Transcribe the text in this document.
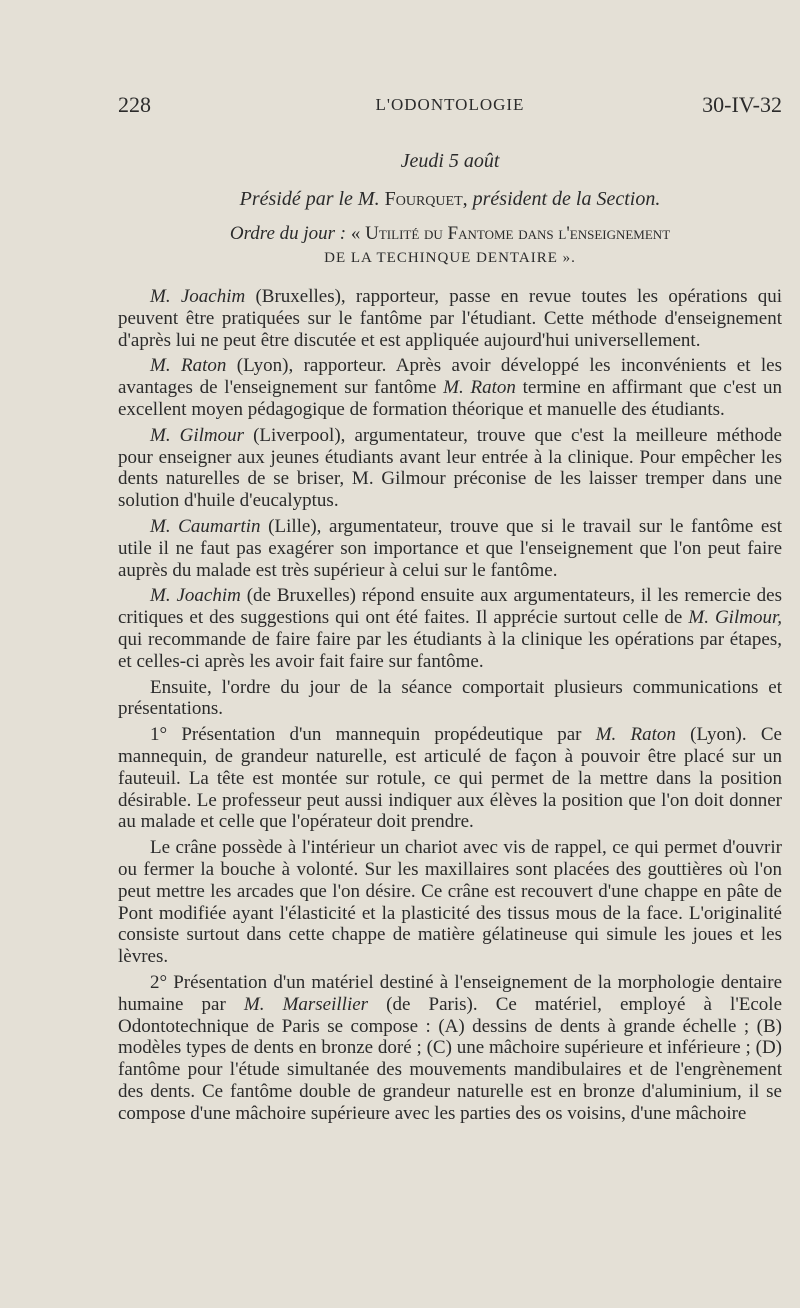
228	L'ODONTOLOGIE	30-IV-32
Jeudi 5 août
Présidé par le M. Fourquet, président de la Section.
Ordre du jour : « Utilité du Fantome dans l'enseignement
DE LA TECHINQUE DENTAIRE ».

M. Joachim (Bruxelles), rapporteur, passe en revue toutes les opérations qui peuvent être pratiquées sur le fantôme par l'étudiant. Cette méthode d'enseignement d'après lui ne peut être discutée et est appliquée aujourd'hui universellement.

M. Raton (Lyon), rapporteur. Après avoir développé les inconvénients et les avantages de l'enseignement sur fantôme M. Raton termine en affirmant que c'est un excellent moyen pédagogique de formation théorique et manuelle des étudiants.

M. Gilmour (Liverpool), argumentateur, trouve que c'est la meilleure méthode pour enseigner aux jeunes étudiants avant leur entrée à la clinique. Pour empêcher les dents naturelles de se briser, M. Gilmour préconise de les laisser tremper dans une solution d'huile d'eucalyptus.

M. Caumartin (Lille), argumentateur, trouve que si le travail sur le fantôme est utile il ne faut pas exagérer son importance et que l'enseignement que l'on peut faire auprès du malade est très supérieur à celui sur le fantôme.

M. Joachim (de Bruxelles) répond ensuite aux argumentateurs, il les remercie des critiques et des suggestions qui ont été faites. Il apprécie surtout celle de M. Gilmour, qui recommande de faire faire par les étudiants à la clinique les opérations par étapes, et celles-ci après les avoir fait faire sur fantôme.

Ensuite, l'ordre du jour de la séance comportait plusieurs communications et présentations.

1° Présentation d'un mannequin propédeutique par M. Raton (Lyon). Ce mannequin, de grandeur naturelle, est articulé de façon à pouvoir être placé sur un fauteuil. La tête est montée sur rotule, ce qui permet de la mettre dans la position désirable. Le professeur peut aussi indiquer aux élèves la position que l'on doit donner au malade et celle que l'opérateur doit prendre.

Le crâne possède à l'intérieur un chariot avec vis de rappel, ce qui permet d'ouvrir ou fermer la bouche à volonté. Sur les maxillaires sont placées des gouttières où l'on peut mettre les arcades que l'on désire. Ce crâne est recouvert d'une chappe en pâte de Pont modifiée ayant l'élasticité et la plasticité des tissus mous de la face. L'originalité consiste surtout dans cette chappe de matière gélatineuse qui simule les joues et les lèvres.

2° Présentation d'un matériel destiné à l'enseignement de la morphologie dentaire humaine par M. Marseillier (de Paris). Ce matériel, employé à l'Ecole Odontotechnique de Paris se compose : (A) dessins de dents à grande échelle ; (B) modèles types de dents en bronze doré ; (C) une mâchoire supérieure et inférieure ; (D) fantôme pour l'étude simultanée des mouvements mandibulaires et de l'engrènement des dents. Ce fantôme double de grandeur naturelle est en bronze d'aluminium, il se compose d'une mâchoire supérieure avec les parties des os voisins, d'une mâchoire
